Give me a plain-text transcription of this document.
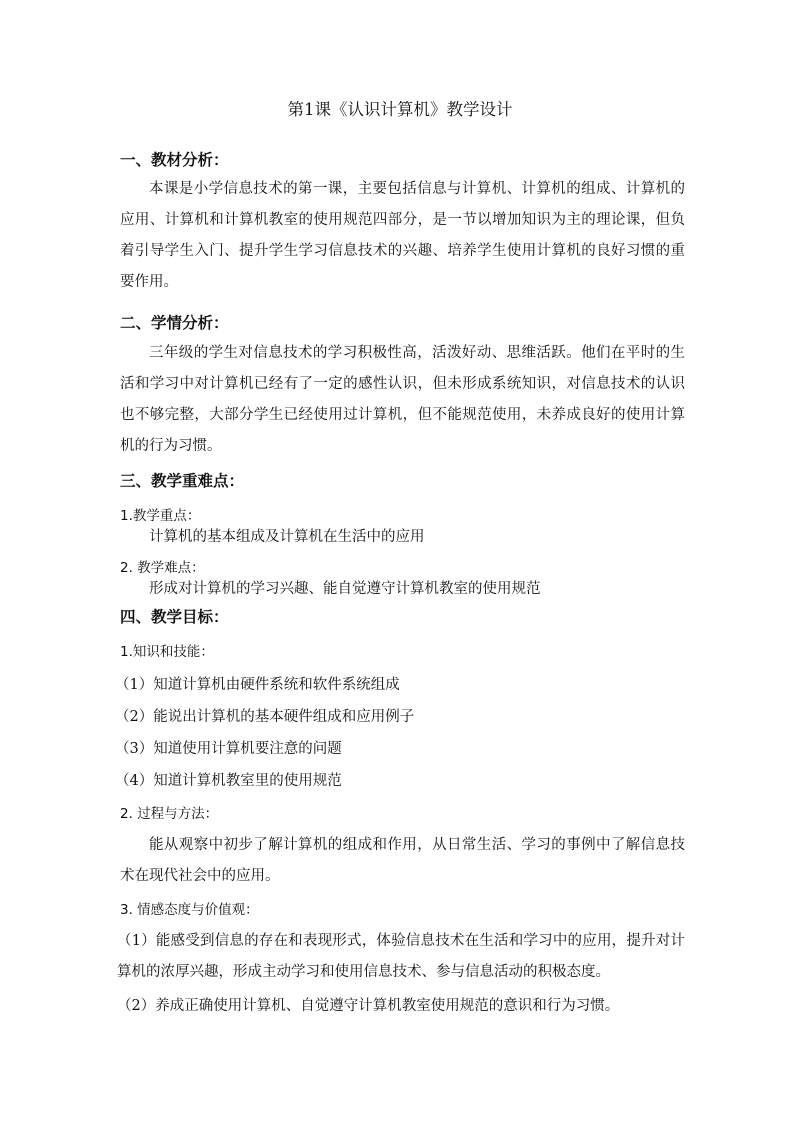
第1课《认识计算机》教学设计
一、教材分析：
本课是小学信息技术的第一课，主要包括信息与计算机、计算机的组成、计算机的应用、计算机和计算机教室的使用规范四部分，是一节以增加知识为主的理论课，但负着引导学生入门、提升学生学习信息技术的兴趣、培养学生使用计算机的良好习惯的重要作用。
二、学情分析：
三年级的学生对信息技术的学习积极性高，活泼好动、思维活跃。他们在平时的生活和学习中对计算机已经有了一定的感性认识，但未形成系统知识，对信息技术的认识也不够完整，大部分学生已经使用过计算机，但不能规范使用，未养成良好的使用计算机的行为习惯。
三、教学重难点：
1.教学重点：
计算机的基本组成及计算机在生活中的应用
2. 教学难点：
形成对计算机的学习兴趣、能自觉遵守计算机教室的使用规范
四、教学目标：
1.知识和技能：
（1）知道计算机由硬件系统和软件系统组成
（2）能说出计算机的基本硬件组成和应用例子
（3）知道使用计算机要注意的问题
（4）知道计算机教室里的使用规范
2. 过程与方法：
能从观察中初步了解计算机的组成和作用，从日常生活、学习的事例中了解信息技术在现代社会中的应用。
3. 情感态度与价值观：
（1）能感受到信息的存在和表现形式，体验信息技术在生活和学习中的应用，提升对计算机的浓厚兴趣，形成主动学习和使用信息技术、参与信息活动的积极态度。
（2）养成正确使用计算机、自觉遵守计算机教室使用规范的意识和行为习惯。
